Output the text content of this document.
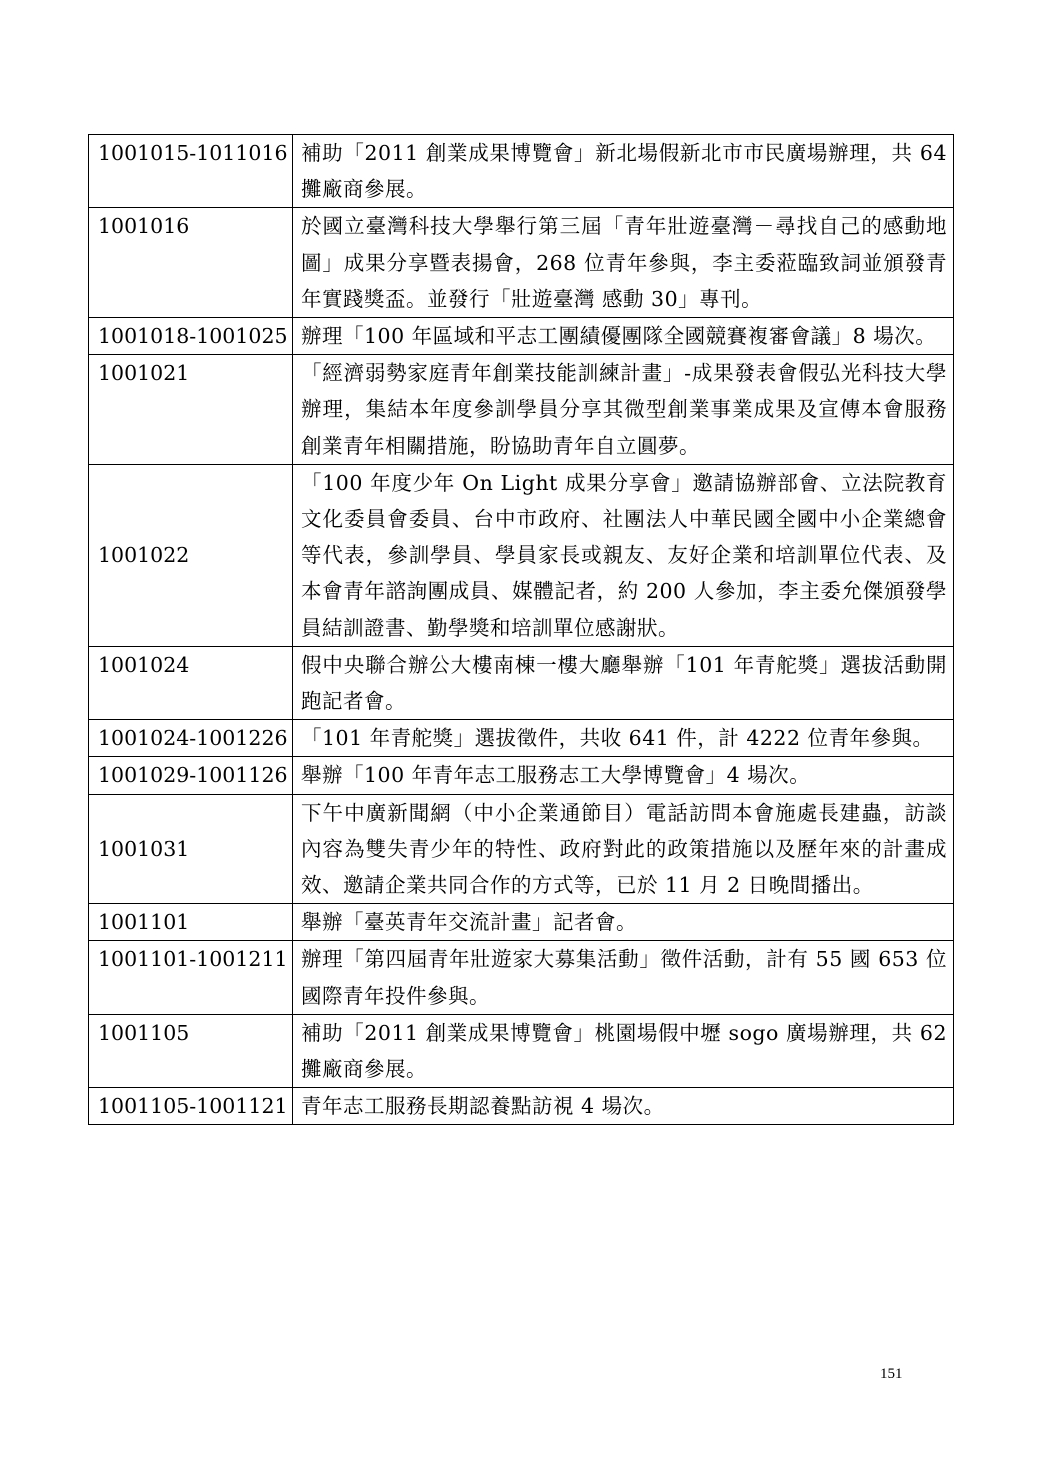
1001015-1011016	補助「2011 創業成果博覽會」新北場假新北市市民廣場辦理，共 64 攤廠商參展。
1001016	於國立臺灣科技大學舉行第三屆「青年壯遊臺灣－尋找自己的感動地圖」成果分享暨表揚會，268 位青年參與，李主委蒞臨致詞並頒發青年實踐獎盃。並發行「壯遊臺灣 感動 30」專刊。
1001018-1001025	辦理「100 年區域和平志工團績優團隊全國競賽複審會議」8 場次。
1001021	「經濟弱勢家庭青年創業技能訓練計畫」-成果發表會假弘光科技大學辦理，集結本年度參訓學員分享其微型創業事業成果及宣傳本會服務創業青年相關措施，盼協助青年自立圓夢。
1001022	「100 年度少年 On Light 成果分享會」邀請協辦部會、立法院教育文化委員會委員、台中市政府、社團法人中華民國全國中小企業總會等代表，參訓學員、學員家長或親友、友好企業和培訓單位代表、及本會青年諮詢團成員、媒體記者，約 200 人參加，李主委允傑頒發學員結訓證書、勤學獎和培訓單位感謝狀。
1001024	假中央聯合辦公大樓南棟一樓大廳舉辦「101 年青舵獎」選拔活動開跑記者會。
1001024-1001226	「101 年青舵獎」選拔徵件，共收 641 件，計 4222 位青年參與。
1001029-1001126	舉辦「100 年青年志工服務志工大學博覽會」4 場次。
1001031	下午中廣新聞網（中小企業通節目）電話訪問本會施處長建蟲，訪談內容為雙失青少年的特性、政府對此的政策措施以及歷年來的計畫成效、邀請企業共同合作的方式等，已於 11 月 2 日晚間播出。
1001101	舉辦「臺英青年交流計畫」記者會。
1001101-1001211	辦理「第四屆青年壯遊家大募集活動」徵件活動，計有 55 國 653 位國際青年投件參與。
1001105	補助「2011 創業成果博覽會」桃園場假中壢 sogo 廣場辦理，共 62 攤廠商參展。
1001105-1001121	青年志工服務長期認養點訪視 4 場次。
151
